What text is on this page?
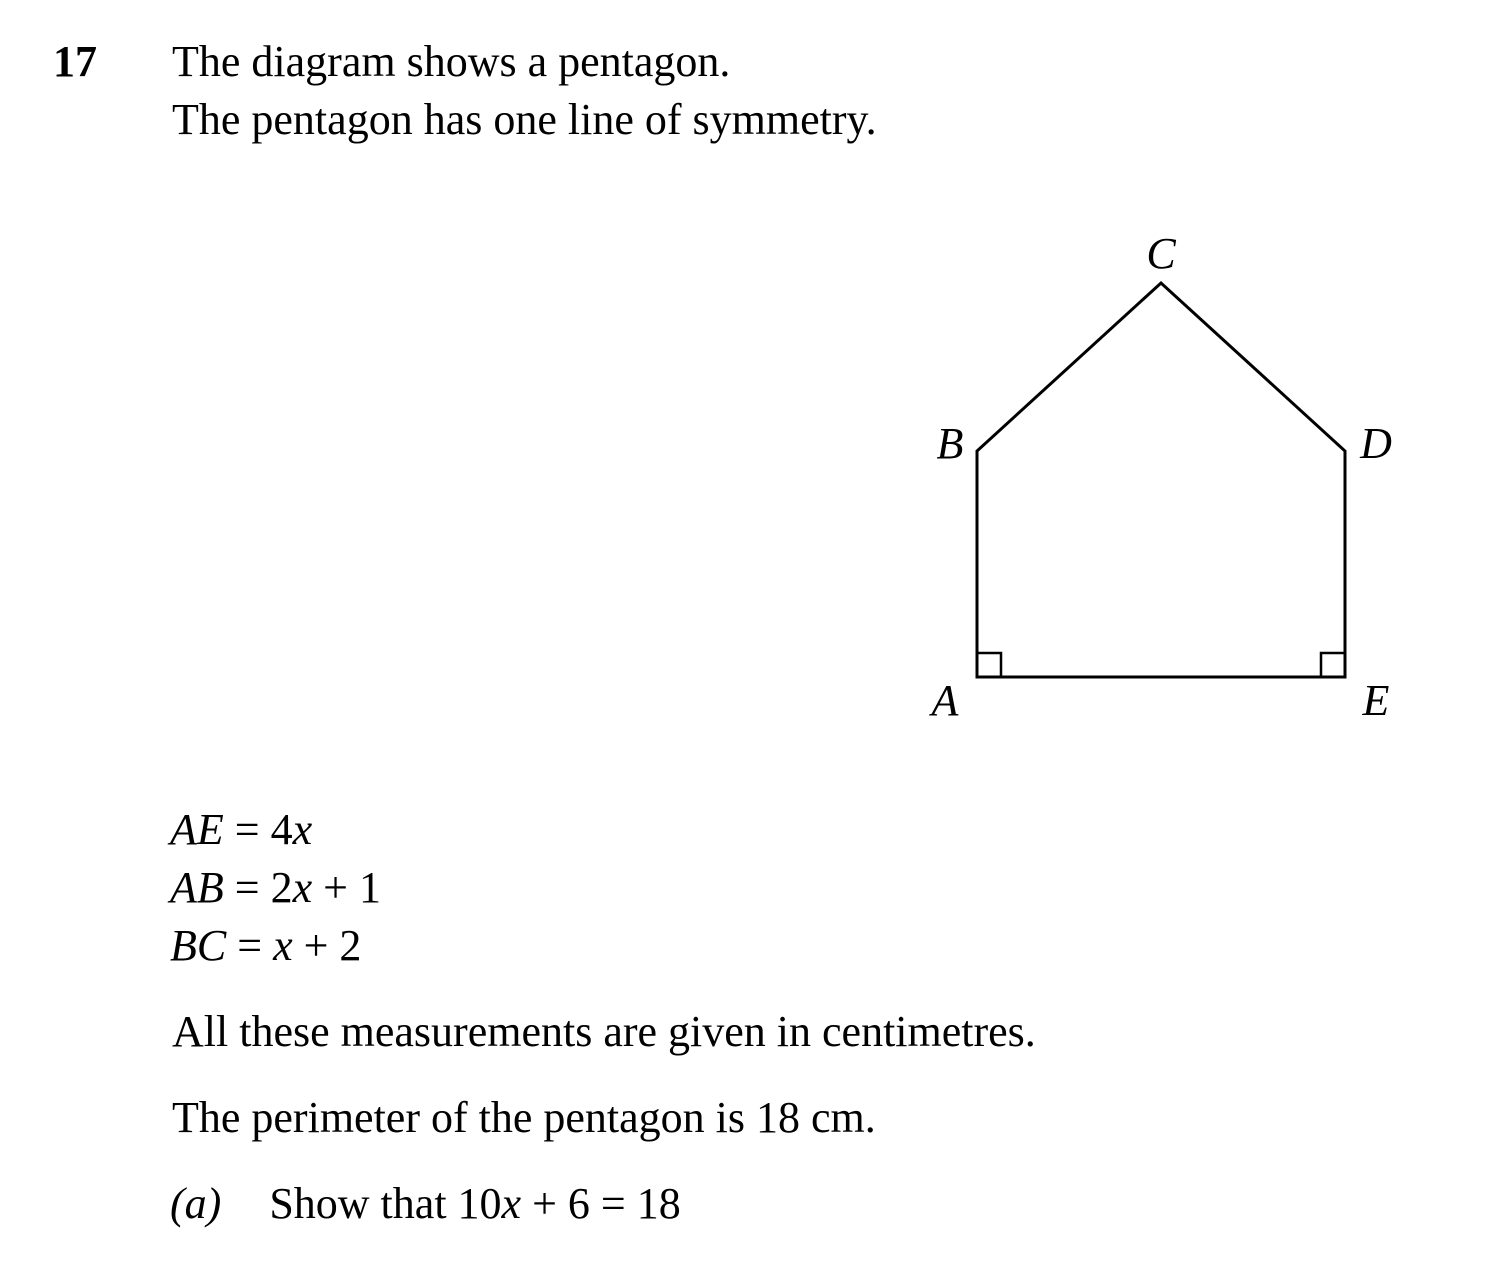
17 The diagram shows a pentagon.
The pentagon has one line of symmetry.
C
B	D
A	E
AE = 4x
AB = 2x + 1
BC = x + 2
All these measurements are given in centimetres.
The perimeter of the pentagon is 18 cm.
(a) Show that 10x + 6 = 18
